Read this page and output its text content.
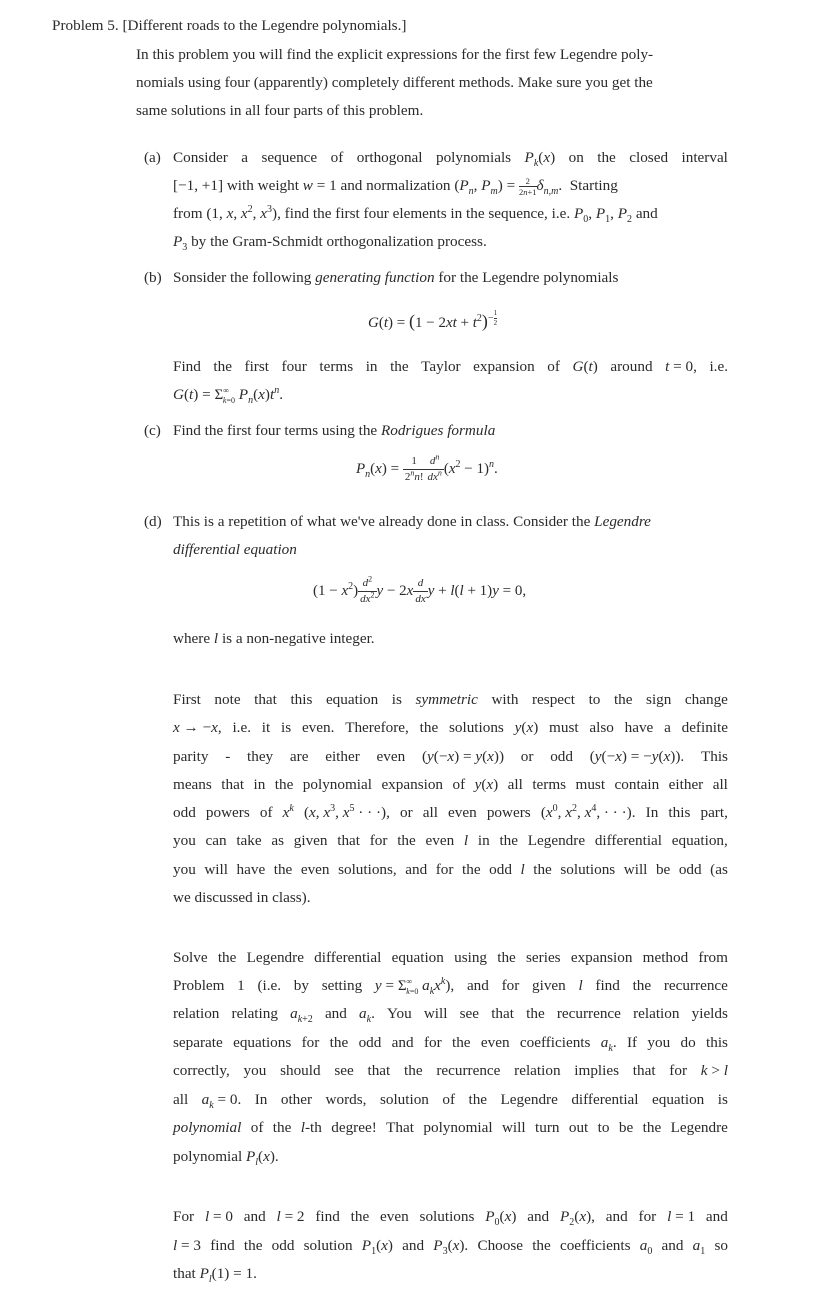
Problem 5. [Different roads to the Legendre polynomials.]
In this problem you will find the explicit expressions for the first few Legendre poly-
nomials using four (apparently) completely different methods. Make sure you get the
same solutions in all four parts of this problem.
(a) Consider a sequence of orthogonal polynomials $P_k(x)$ on the closed interval
[−1, +1] with weight w = 1 and normalization ($P_n$, $P_m) = \frac{2}{2n+1} \delta_{n,m}$.  Starting
from (1, x, $x^2$, $x^3$), find the first four elements in the sequence, i.e. $P_0$, $P_1$, $P_2$ and
$P_3$ by the Gram-Schmidt orthogonalization process.
(b) Sonsider the following generating function for the Legendre polynomials
$G(t) = (1 - 2xt + t^2)^{- \frac{1}{2}}$
Find the first four terms in the Taylor expansion of G(t) around t = 0, i.e.
$G(t) = \Sigma^\infty_{k=0}$ $P_n(x)t^n$.
(c) Find the first four terms using the Rodrigues formula
$P_n(x) = \frac{1}{2^nn!} \frac{d^n}{dx^n} (x^2 - 1)^n$.
(d) This is a repetition of what we've already done in class. Consider the Legendre
differential equation
$(1 - x^2) \frac{d^2}{dx^2}$ $y - 2x \frac{d}{dx}$ y + l(l + 1)y = 0,
where l is a non-negative integer.
First note that this equation is symmetric with respect to the sign change
x → −x, i.e. it is even. Therefore, the solutions y(x) must also have a definite
parity - they are either even (y(−x) = y(x)) or odd (y(−x) = −y(x)). This
means that in the polynomial expansion of y(x) all terms must contain either all
odd powers of $x^k$ (x, $x^3$, $x^5$ · · ·), or all even powers ($x^0$, $x^2$, $x^4$, · · ·). In this part,
you can take as given that for the even l in the Legendre differential equation,
you will have the even solutions, and for the odd l the solutions will be odd (as
we discussed in class).
Solve the Legendre differential equation using the series expansion method from
Problem 1 (i.e. by setting $y = \Sigma^\infty_{k=0}$ $a_kx^k$), and for given l find the recurrence
relation relating $a_{k+2}$ and $a_k$. You will see that the recurrence relation yields
separate equations for the odd and for the even coefficients $a_k$. If you do this
correctly, you should see that the recurrence relation implies that for k > l
all $a_k = 0$. In other words, solution of the Legendre differential equation is
polynomial of the l-th degree! That polynomial will turn out to be the Legendre
polynomial $P_l(x)$.
For l = 0 and l = 2 find the even solutions $P_0(x)$ and $P_2(x)$, and for l = 1 and
l = 3 find the odd solution $P_1(x)$ and $P_3(x)$. Choose the coefficients $a_0$ and $a_1$ so
that $P_l(1) = 1$.
